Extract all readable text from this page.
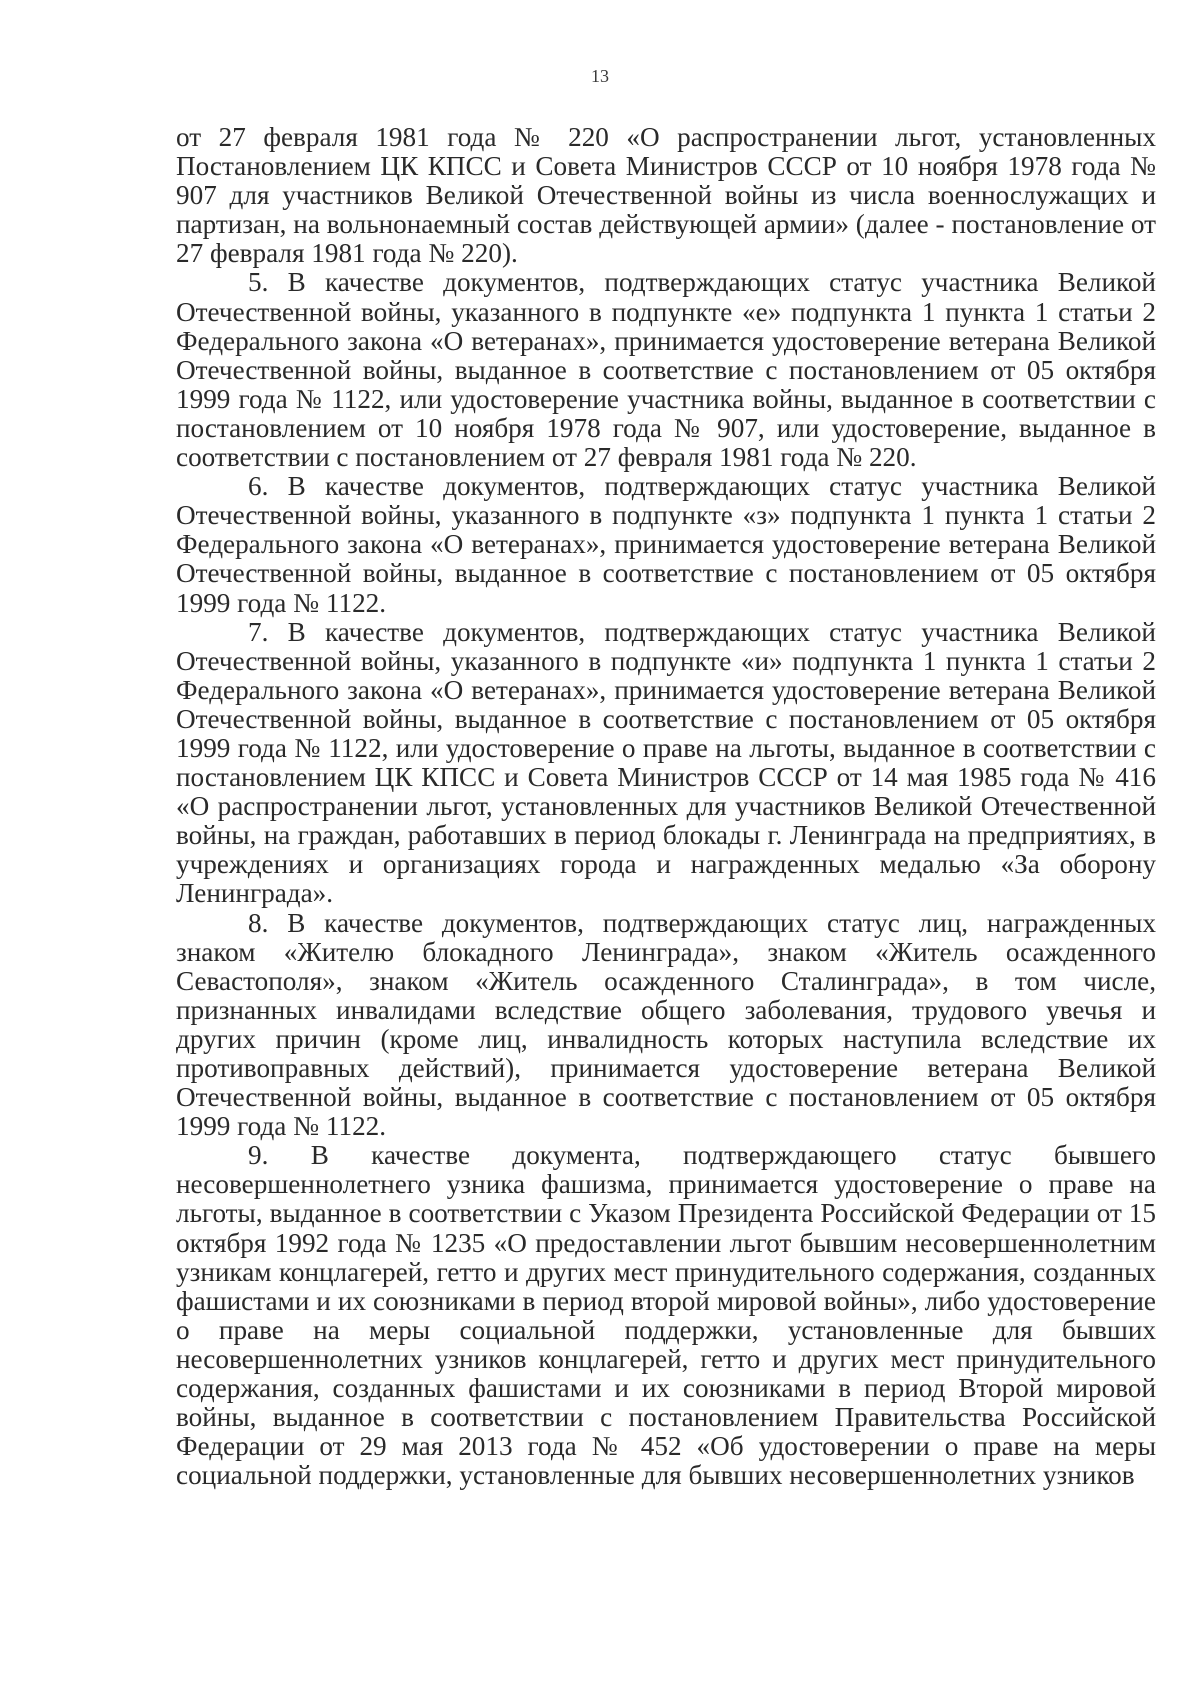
13

от 27 февраля 1981 года № 220 «О распространении льгот, установленных Постановлением ЦК КПСС и Совета Министров СССР от 10 ноября 1978 года № 907 для участников Великой Отечественной войны из числа военнослужащих и партизан, на вольнонаемный состав действующей армии» (далее - постановление от 27 февраля 1981 года № 220).

5. В качестве документов, подтверждающих статус участника Великой Отечественной войны, указанного в подпункте «е» подпункта 1 пункта 1 статьи 2 Федерального закона «О ветеранах», принимается удостоверение ветерана Великой Отечественной войны, выданное в соответствие с постановлением от 05 октября 1999 года № 1122, или удостоверение участника войны, выданное в соответствии с постановлением от 10 ноября 1978 года № 907, или удостоверение, выданное в соответствии с постановлением от 27 февраля 1981 года № 220.

6. В качестве документов, подтверждающих статус участника Великой Отечественной войны, указанного в подпункте «з» подпункта 1 пункта 1 статьи 2 Федерального закона «О ветеранах», принимается удостоверение ветерана Великой Отечественной войны, выданное в соответствие с постановлением от 05 октября 1999 года № 1122.

7. В качестве документов, подтверждающих статус участника Великой Отечественной войны, указанного в подпункте «и» подпункта 1 пункта 1 статьи 2 Федерального закона «О ветеранах», принимается удостоверение ветерана Великой Отечественной войны, выданное в соответствие с постановлением от 05 октября 1999 года № 1122, или удостоверение о праве на льготы, выданное в соответствии с постановлением ЦК КПСС и Совета Министров СССР от 14 мая 1985 года № 416 «О распространении льгот, установленных для участников Великой Отечественной войны, на граждан, работавших в период блокады г. Ленинграда на предприятиях, в учреждениях и организациях города и награжденных медалью «За оборону Ленинграда».

8. В качестве документов, подтверждающих статус лиц, награжденных знаком «Жителю блокадного Ленинграда», знаком «Житель осажденного Севастополя», знаком «Житель осажденного Сталинграда», в том числе, признанных инвалидами вследствие общего заболевания, трудового увечья и других причин (кроме лиц, инвалидность которых наступила вследствие их противоправных действий), принимается удостоверение ветерана Великой Отечественной войны, выданное в соответствие с постановлением от 05 октября 1999 года № 1122.

9. В качестве документа, подтверждающего статус бывшего несовершеннолетнего узника фашизма, принимается удостоверение о праве на льготы, выданное в соответствии с Указом Президента Российской Федерации от 15 октября 1992 года № 1235 «О предоставлении льгот бывшим несовершеннолетним узникам концлагерей, гетто и других мест принудительного содержания, созданных фашистами и их союзниками в период второй мировой войны», либо удостоверение о праве на меры социальной поддержки, установленные для бывших несовершеннолетних узников концлагерей, гетто и других мест принудительного содержания, созданных фашистами и их союзниками в период Второй мировой войны, выданное в соответствии с постановлением Правительства Российской Федерации от 29 мая 2013 года № 452 «Об удостоверении о праве на меры социальной поддержки, установленные для бывших несовершеннолетних узников
